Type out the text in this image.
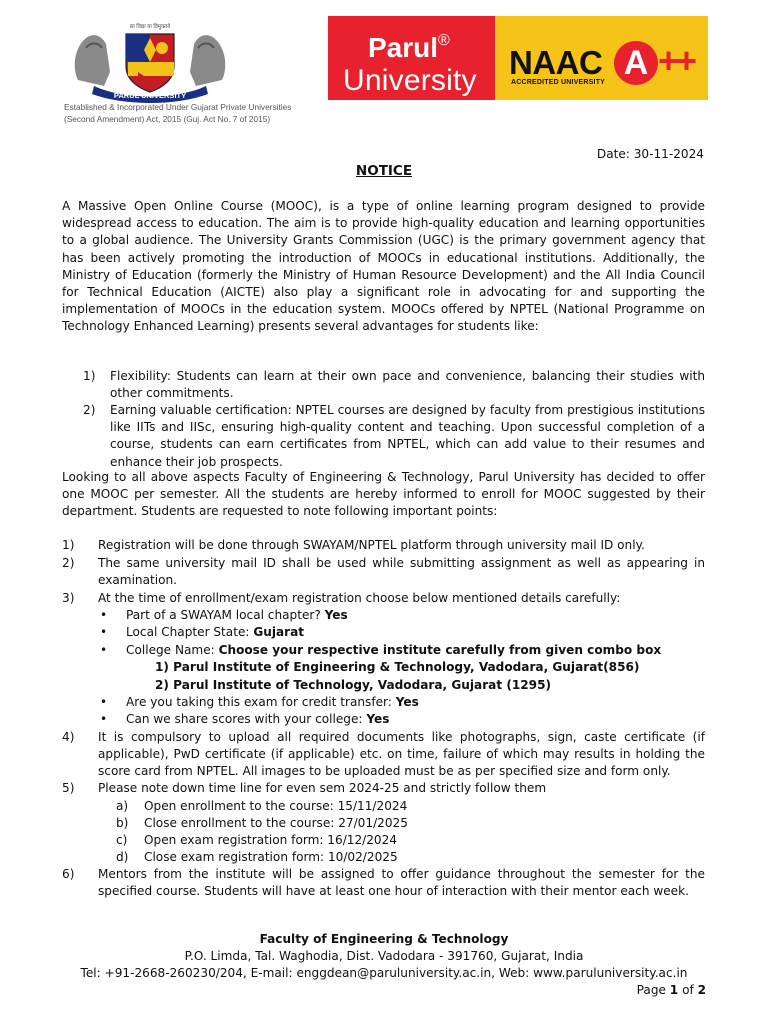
सा विद्या या विमुक्तये
PARUL UNIVERSITY
Established & Incorporated Under Gujarat Private Universities
(Second Amendment) Act, 2015 (Guj. Act No. 7 of 2015)
Parul®
University NAAC A ++
ACCREDITED UNIVERSITY
Date: 30-11-2024
NOTICE
A Massive Open Online Course (MOOC), is a type of online learning program designed to provide widespread access to education. The aim is to provide high-quality education and learning opportunities to a global audience. The University Grants Commission (UGC) is the primary government agency that has been actively promoting the introduction of MOOCs in educational institutions. Additionally, the Ministry of Education (formerly the Ministry of Human Resource Development) and the All India Council for Technical Education (AICTE) also play a significant role in advocating for and supporting the implementation of MOOCs in the education system. MOOCs offered by NPTEL (National Programme on Technology Enhanced Learning) presents several advantages for students like:
1) Flexibility: Students can learn at their own pace and convenience, balancing their studies with other commitments.
2) Earning valuable certification: NPTEL courses are designed by faculty from prestigious institutions like IITs and IISc, ensuring high-quality content and teaching. Upon successful completion of a course, students can earn certificates from NPTEL, which can add value to their resumes and enhance their job prospects.
Looking to all above aspects Faculty of Engineering & Technology, Parul University has decided to offer one MOOC per semester. All the students are hereby informed to enroll for MOOC suggested by their department. Students are requested to note following important points:
1) Registration will be done through SWAYAM/NPTEL platform through university mail ID only.
2) The same university mail ID shall be used while submitting assignment as well as appearing in examination.
3) At the time of enrollment/exam registration choose below mentioned details carefully:
• Part of a SWAYAM local chapter? Yes
• Local Chapter State: Gujarat
• College Name: Choose your respective institute carefully from given combo box
1) Parul Institute of Engineering & Technology, Vadodara, Gujarat(856)
2) Parul Institute of Technology, Vadodara, Gujarat (1295)
• Are you taking this exam for credit transfer: Yes
• Can we share scores with your college: Yes
4) It is compulsory to upload all required documents like photographs, sign, caste certificate (if applicable), PwD certificate (if applicable) etc. on time, failure of which may results in holding the score card from NPTEL. All images to be uploaded must be as per specified size and form only.
5) Please note down time line for even sem 2024-25 and strictly follow them
a) Open enrollment to the course: 15/11/2024
b) Close enrollment to the course: 27/01/2025
c) Open exam registration form: 16/12/2024
d) Close exam registration form: 10/02/2025
6) Mentors from the institute will be assigned to offer guidance throughout the semester for the specified course. Students will have at least one hour of interaction with their mentor each week.
Faculty of Engineering & Technology
P.O. Limda, Tal. Waghodia, Dist. Vadodara - 391760, Gujarat, India
Tel: +91-2668-260230/204, E-mail: enggdean@paruluniversity.ac.in, Web: www.paruluniversity.ac.in
Page 1 of 2
